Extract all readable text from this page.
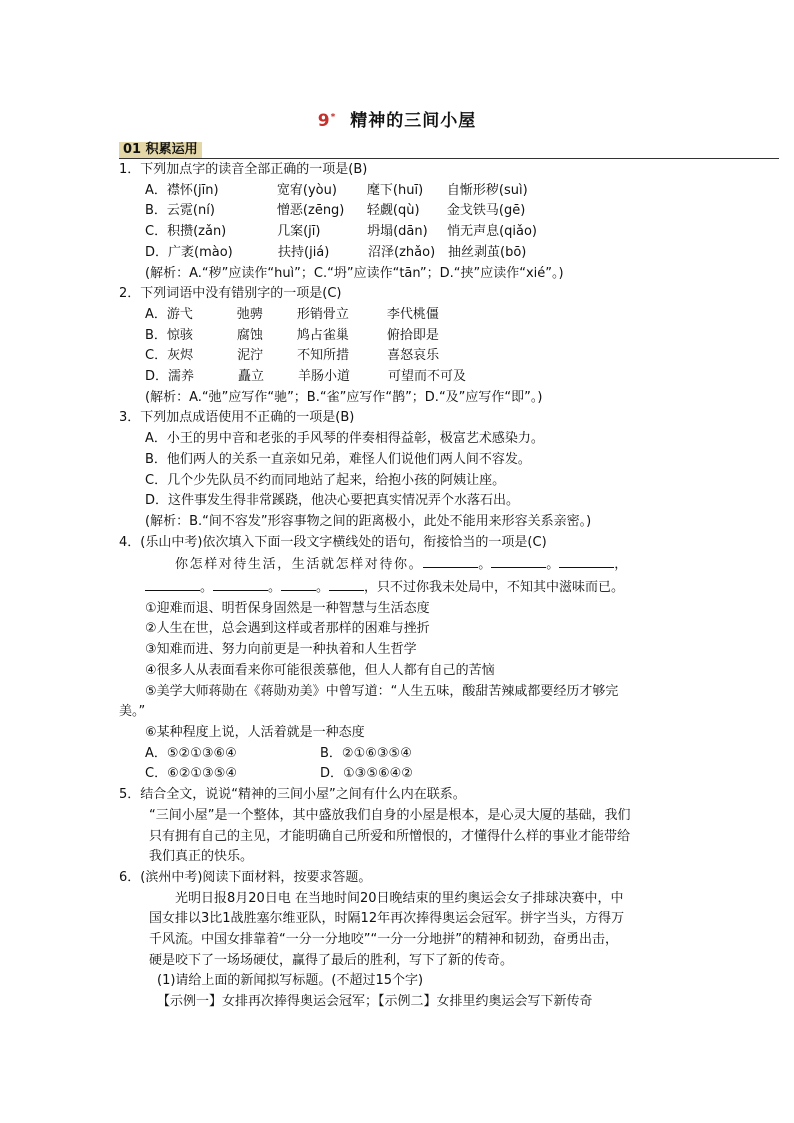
9* 精神的三间小屋
01 积累运用

1．下列加点字的读音全部正确的一项是(B)

A．襟怀(jīn)	宽宥(yòu) 麾下(huī) 自惭形秽(suì)

B．云霓(ní)	憎恶(zēng) 轻觑(qù) 金戈铁马(gē)

C．积攒(zǎn)	几案(jī)	坍塌(dān) 悄无声息(qiǎo)

D．广袤(mào)	扶持(jiá)	沼泽(zhǎo) 抽丝剥茧(bō)

(解析：A.“秽”应读作“huì”；C.“坍”应读作“tān”；D.“挟”应读作“xié”。)

2．下列词语中没有错别字的一项是(C)

A．游弋	弛骋	形销骨立	李代桃僵

B．惊骇	腐蚀	鸠占雀巢	俯拾即是

C．灰烬	泥泞	不知所措	喜怒哀乐

D．濡养	矗立	羊肠小道	可望而不可及

(解析：A.“弛”应写作“驰”；B.“雀”应写作“鹊”；D.“及”应写作“即”。)

3．下列加点成语使用不正确的一项是(B)

A．小王的男中音和老张的手风琴的伴奏相得益彰，极富艺术感染力。

B．他们两人的关系一直亲如兄弟，难怪人们说他们两人间不容发。

C．几个少先队员不约而同地站了起来，给抱小孩的阿姨让座。

D．这件事发生得非常蹊跷，他决心要把真实情况弄个水落石出。

(解析：B.“间不容发”形容事物之间的距离极小，此处不能用来形容关系亲密。)

4．(乐山中考)依次填入下面一段文字横线处的语句，衔接恰当的一项是(C)

你怎样对待生活，生活就怎样对待你。	。	。	，

。	。	。	，只不过你我未处局中，不知其中滋味而已。

①迎难而退、明哲保身固然是一种智慧与生活态度

②人生在世，总会遇到这样或者那样的困难与挫折

③知难而进、努力向前更是一种执着和人生哲学

④很多人从表面看来你可能很羡慕他，但人人都有自己的苦恼

⑤美学大师蒋勋在《蒋勋劝美》中曾写道：“人生五味，酸甜苦辣咸都要经历才够完

美。”

⑥某种程度上说，人活着就是一种态度

A．⑤②①③⑥④	B．②①⑥③⑤④

C．⑥②①③⑤④	D．①③⑤⑥④②

5．结合全文，说说“精神的三间小屋”之间有什么内在联系。

“三间小屋”是一个整体，其中盛放我们自身的小屋是根本，是心灵大厦的基础，我们

只有拥有自己的主见，才能明确自己所爱和所憎恨的，才懂得什么样的事业才能带给

我们真正的快乐。

6．(滨州中考)阅读下面材料，按要求答题。

光明日报8月20日电 在当地时间20日晚结束的里约奥运会女子排球决赛中，中

国女排以3比1战胜塞尔维亚队，时隔12年再次捧得奥运会冠军。拼字当头，方得万

千风流。中国女排靠着“一分一分地咬”“一分一分地拼”的精神和韧劲，奋勇出击，

硬是咬下了一场场硬仗，赢得了最后的胜利，写下了新的传奇。

(1)请给上面的新闻拟写标题。(不超过15个字)

【示例一】女排再次捧得奥运会冠军；【示例二】女排里约奥运会写下新传奇
